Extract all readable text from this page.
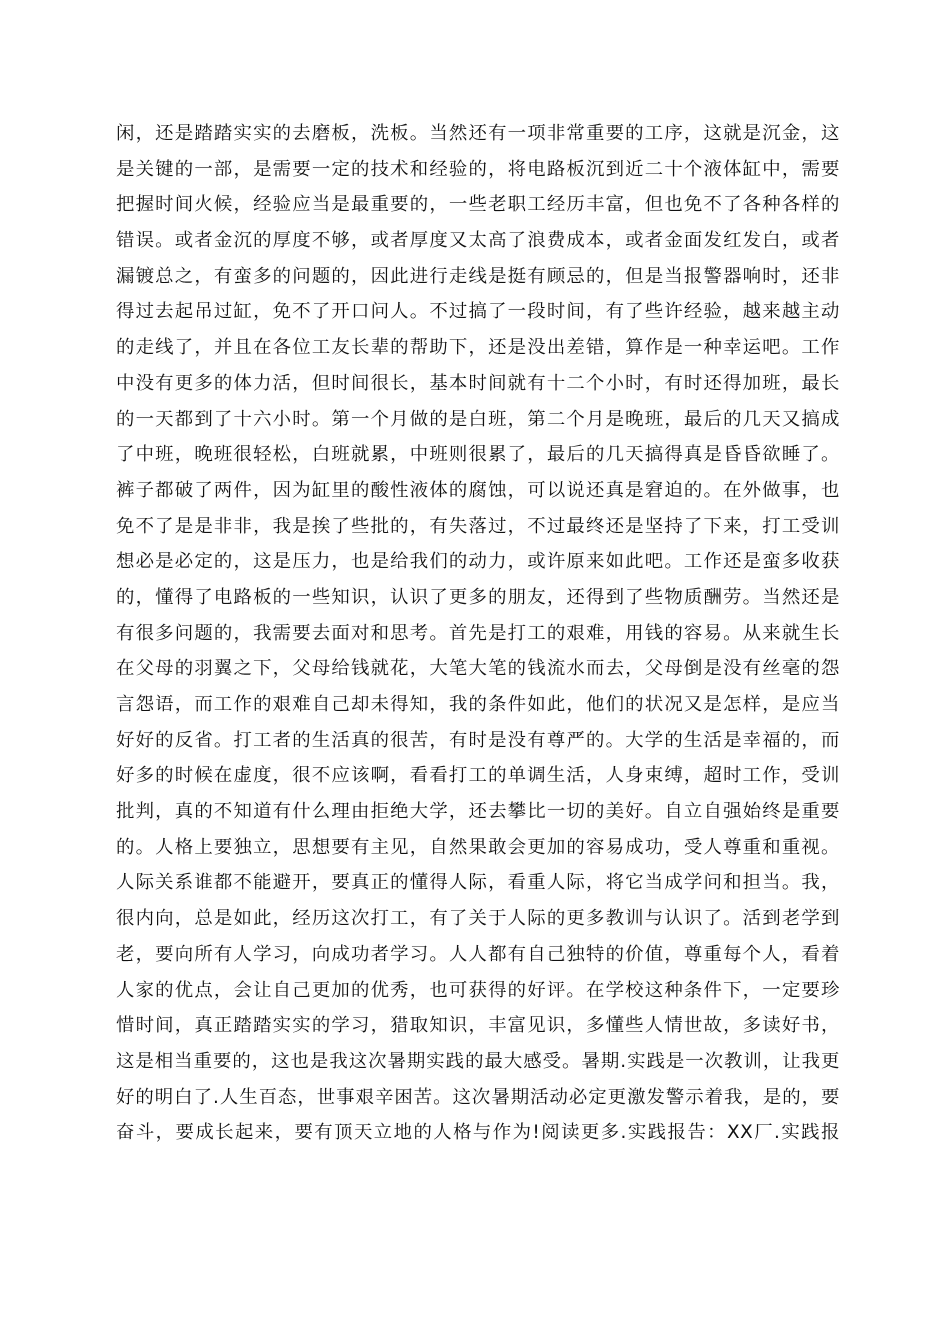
闲，还是踏踏实实的去磨板，洗板。当然还有一项非常重要的工序，这就是沉金，这
是关键的一部，是需要一定的技术和经验的，将电路板沉到近二十个液体缸中，需要
把握时间火候，经验应当是最重要的，一些老职工经历丰富，但也免不了各种各样的
错误。或者金沉的厚度不够，或者厚度又太高了浪费成本，或者金面发红发白，或者
漏镀总之，有蛮多的问题的，因此进行走线是挺有顾忌的，但是当报警器响时，还非
得过去起吊过缸，免不了开口问人。不过搞了一段时间，有了些许经验，越来越主动
的走线了，并且在各位工友长辈的帮助下，还是没出差错，算作是一种幸运吧。工作
中没有更多的体力活，但时间很长，基本时间就有十二个小时，有时还得加班，最长
的一天都到了十六小时。第一个月做的是白班，第二个月是晚班，最后的几天又搞成
了中班，晚班很轻松，白班就累，中班则很累了，最后的几天搞得真是昏昏欲睡了。
裤子都破了两件，因为缸里的酸性液体的腐蚀，可以说还真是窘迫的。在外做事，也
免不了是是非非，我是挨了些批的，有失落过，不过最终还是坚持了下来，打工受训
想必是必定的，这是压力，也是给我们的动力，或许原来如此吧。工作还是蛮多收获
的，懂得了电路板的一些知识，认识了更多的朋友，还得到了些物质酬劳。当然还是
有很多问题的，我需要去面对和思考。首先是打工的艰难，用钱的容易。从来就生长
在父母的羽翼之下，父母给钱就花，大笔大笔的钱流水而去，父母倒是没有丝毫的怨
言怨语，而工作的艰难自己却未得知，我的条件如此，他们的状况又是怎样，是应当
好好的反省。打工者的生活真的很苦，有时是没有尊严的。大学的生活是幸福的，而
好多的时候在虚度，很不应该啊，看看打工的单调生活，人身束缚，超时工作，受训
批判，真的不知道有什么理由拒绝大学，还去攀比一切的美好。自立自强始终是重要
的。人格上要独立，思想要有主见，自然果敢会更加的容易成功，受人尊重和重视。
人际关系谁都不能避开，要真正的懂得人际，看重人际，将它当成学问和担当。我，
很内向，总是如此，经历这次打工，有了关于人际的更多教训与认识了。活到老学到
老，要向所有人学习，向成功者学习。人人都有自己独特的价值，尊重每个人，看着
人家的优点，会让自己更加的优秀，也可获得的好评。在学校这种条件下，一定要珍
惜时间，真正踏踏实实的学习，猎取知识，丰富见识，多懂些人情世故，多读好书，
这是相当重要的，这也是我这次暑期实践的最大感受。暑期.实践是一次教训，让我更
好的明白了.人生百态，世事艰辛困苦。这次暑期活动必定更激发警示着我，是的，要
奋斗，要成长起来，要有顶天立地的人格与作为!阅读更多.实践报告：XX厂.实践报
